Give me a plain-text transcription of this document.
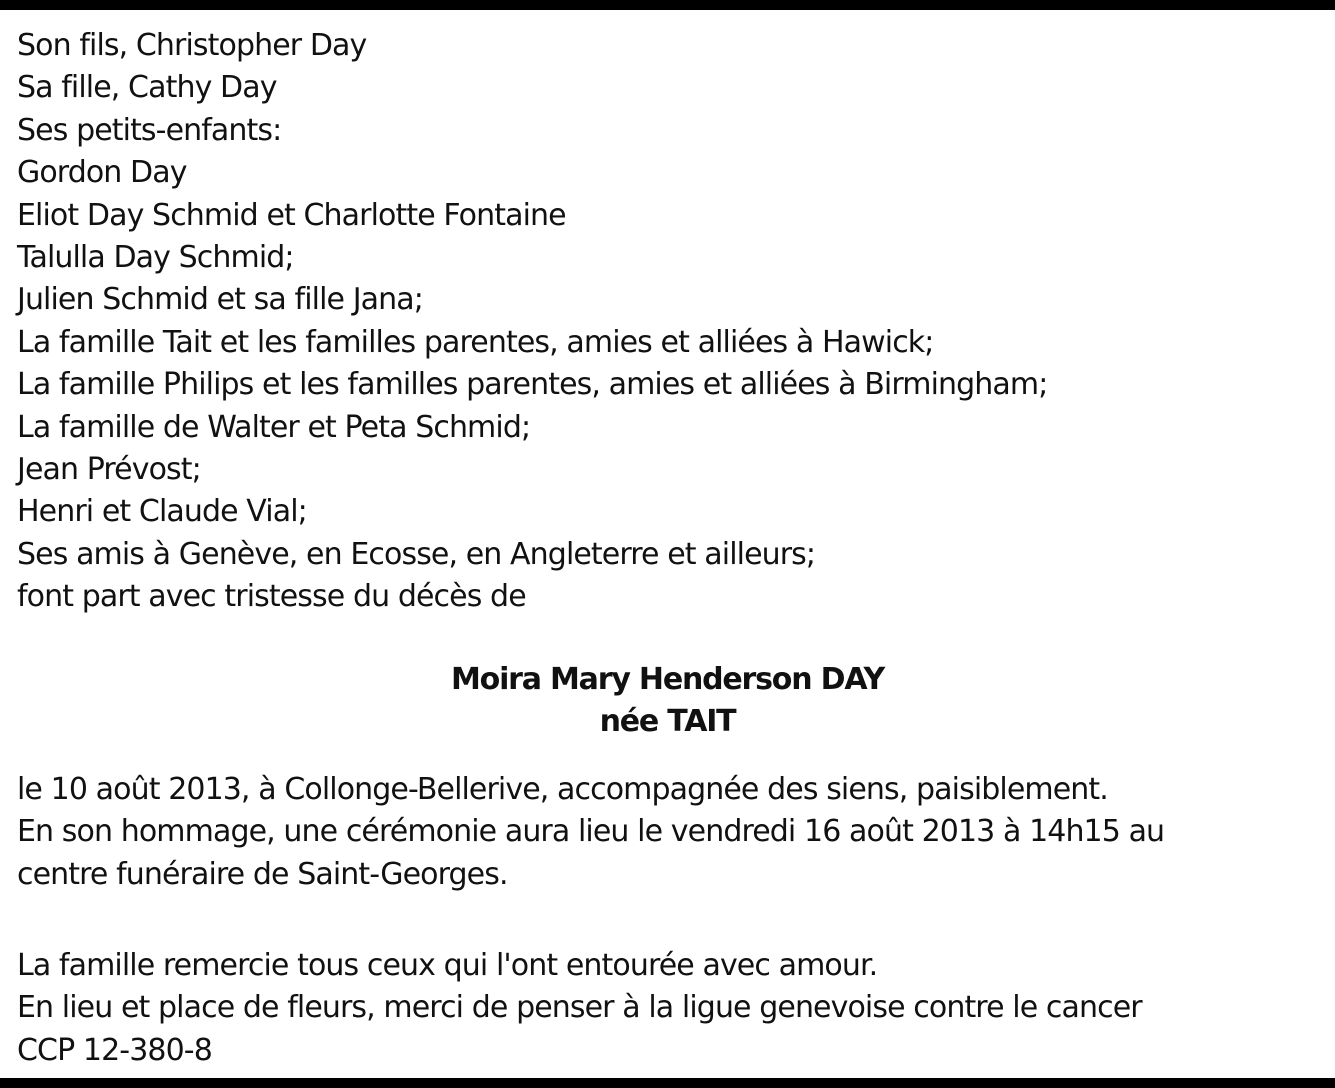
Son fils, Christopher Day
Sa fille, Cathy Day
Ses petits-enfants:
Gordon Day
Eliot Day Schmid et Charlotte Fontaine
Talulla Day Schmid;
Julien Schmid et sa fille Jana;
La famille Tait et les familles parentes, amies et alliées à Hawick;
La famille Philips et les familles parentes, amies et alliées à Birmingham;
La famille de Walter et Peta Schmid;
Jean Prévost;
Henri et Claude Vial;
Ses amis à Genève, en Ecosse, en Angleterre et ailleurs;
font part avec tristesse du décès de
Moira Mary Henderson DAY
née TAIT
le 10 août 2013, à Collonge-Bellerive, accompagnée des siens, paisiblement.
En son hommage, une cérémonie aura lieu le vendredi 16 août 2013 à 14h15 au
centre funéraire de Saint-Georges.
La famille remercie tous ceux qui l'ont entourée avec amour.
En lieu et place de fleurs, merci de penser à la ligue genevoise contre le cancer
CCP 12-380-8
